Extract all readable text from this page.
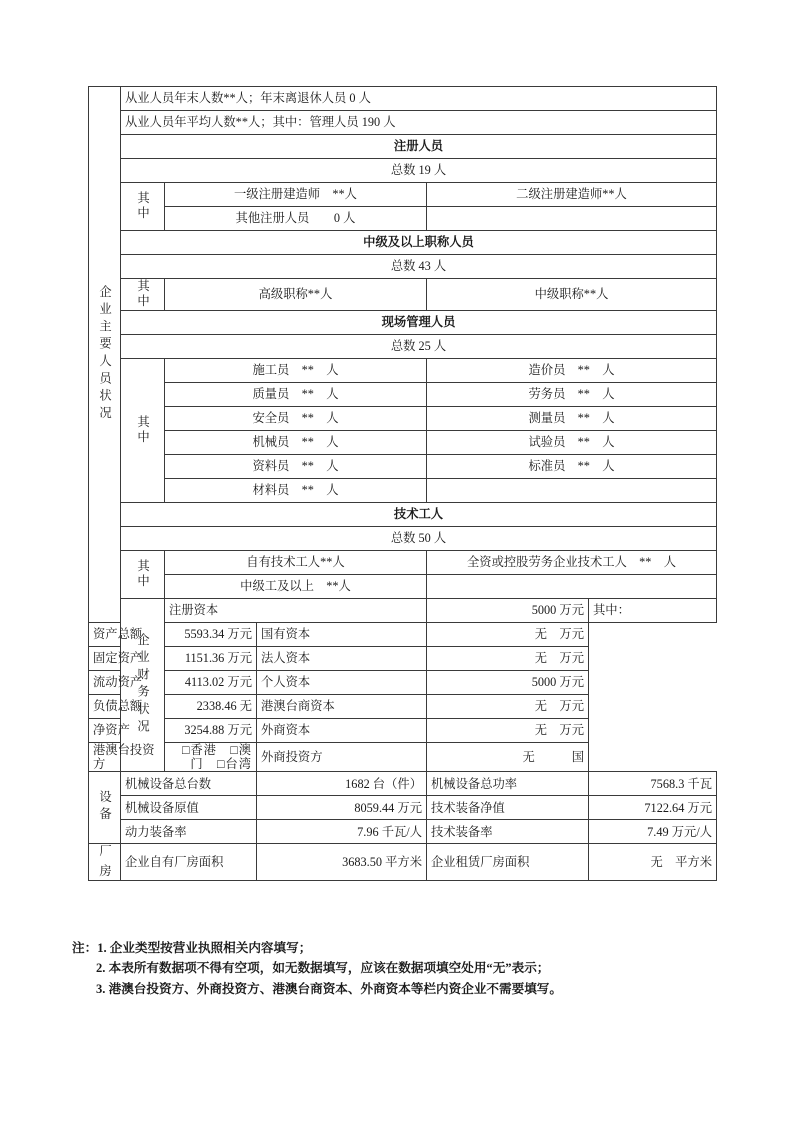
企业主要人员状况	从业人员年末人数**人；年末离退休人员 0 人					
	从业人员年平均人数**人；其中：管理人员 190 人					
	注册人员					
	总数 19 人					
	其中	一级注册建造师　**人		二级注册建造师**人		
		其他注册人员　　0 人				
	中级及以上职称人员					
	总数 43 人					
	其中	高级职称**人		中级职称**人		
	现场管理人员					
	总数 25 人					
	其中	施工员　**　人		造价员　**　人		
		质量员　**　人		劳务员　**　人		
		安全员　**　人		测量员　**　人		
		机械员　**　人		试验员　**　人		
		资料员　**　人		标准员　**　人		
		材料员　**　人				
	技术工人					
	总数 50 人					
	其中	自有技术工人**人		全资或控股劳务企业技术工人　**　人		
		中级工及以上　**人				
	企业财务状况	注册资本		5000 万元	其中：	
资产总额		5593.34 万元	国有资本	无　万元		
固定资产		1151.36 万元	法人资本	无　万元		
流动资产		4113.02 万元	个人资本	5000 万元		
负债总额		2338.46 无	港澳台商资本	无　万元		
净资产		3254.88 万元	外商资本	无　万元		
港澳台投资方		□香港　□澳门　□台湾	外商投资方	无　　　国		
设备	机械设备总台数		1682 台（件）	机械设备总功率	7568.3 千瓦	
	机械设备原值		8059.44 万元	技术装备净值	7122.64 万元	
	动力装备率		7.96 千瓦/人	技术装备率	7.49 万元/人	
厂房	企业自有厂房面积		3683.50 平方米	企业租赁厂房面积	无　平方米	
注：1. 企业类型按营业执照相关内容填写；
2. 本表所有数据项不得有空项，如无数据填写，应该在数据项填空处用“无”表示；
3. 港澳台投资方、外商投资方、港澳台商资本、外商资本等栏内资企业不需要填写。
